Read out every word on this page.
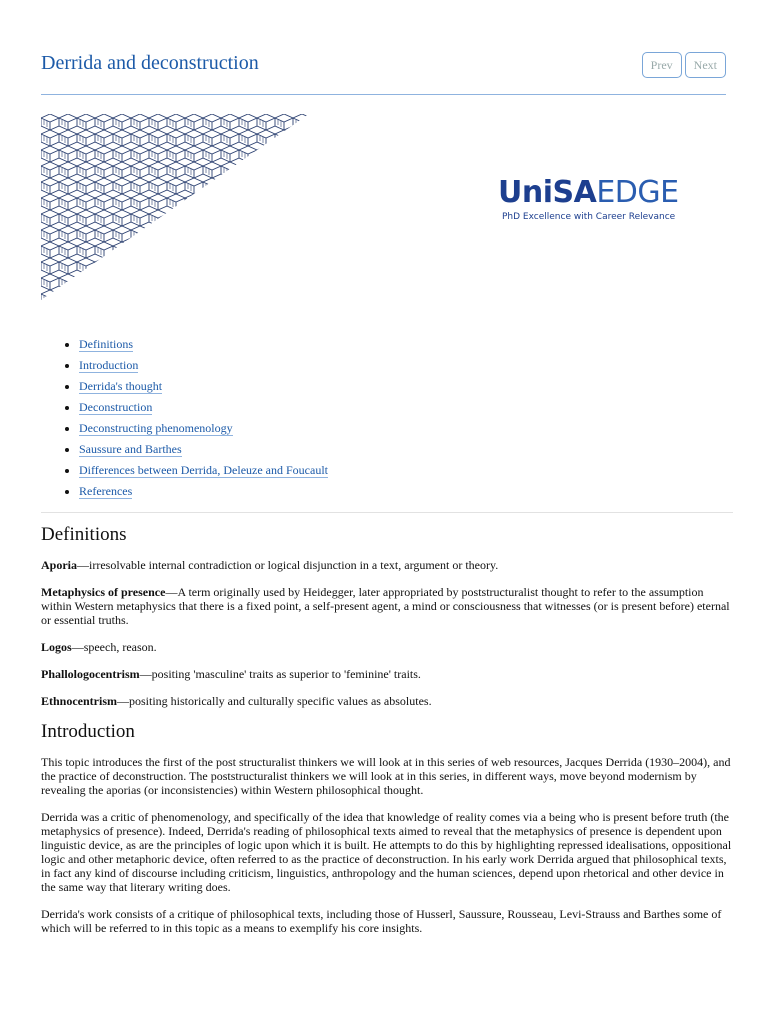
Derrida and deconstruction	Prev	Next
UniSAEDGE
PhD Excellence with Career Relevance
• Definitions
• Introduction
• Derrida's thought
• Deconstruction
• Deconstructing phenomenology
• Saussure and Barthes
• Differences between Derrida, Deleuze and Foucault
• References
Definitions

Aporia—irresolvable internal contradiction or logical disjunction in a text, argument or theory.

Metaphysics of presence—A term originally used by Heidegger, later appropriated by poststructuralist thought to refer to the assumption within Western metaphysics that there is a fixed point, a self-present agent, a mind or consciousness that witnesses (or is present before) eternal or essential truths.

Logos—speech, reason.

Phallologocentrism—positing 'masculine' traits as superior to 'feminine' traits.

Ethnocentrism—positing historically and culturally specific values as absolutes.

Introduction

This topic introduces the first of the post structuralist thinkers we will look at in this series of web resources, Jacques Derrida (1930–2004), and the practice of deconstruction. The poststructuralist thinkers we will look at in this series, in different ways, move beyond modernism by revealing the aporias (or inconsistencies) within Western philosophical thought.

Derrida was a critic of phenomenology, and specifically of the idea that knowledge of reality comes via a being who is present before truth (the metaphysics of presence). Indeed, Derrida's reading of philosophical texts aimed to reveal that the metaphysics of presence is dependent upon linguistic device, as are the principles of logic upon which it is built. He attempts to do this by highlighting repressed idealisations, oppositional logic and other metaphoric device, often referred to as the practice of deconstruction. In his early work Derrida argued that philosophical texts, in fact any kind of discourse including criticism, linguistics, anthropology and the human sciences, depend upon rhetorical and other device in the same way that literary writing does.

Derrida's work consists of a critique of philosophical texts, including those of Husserl, Saussure, Rousseau, Levi-Strauss and Barthes some of which will be referred to in this topic as a means to exemplify his core insights.
